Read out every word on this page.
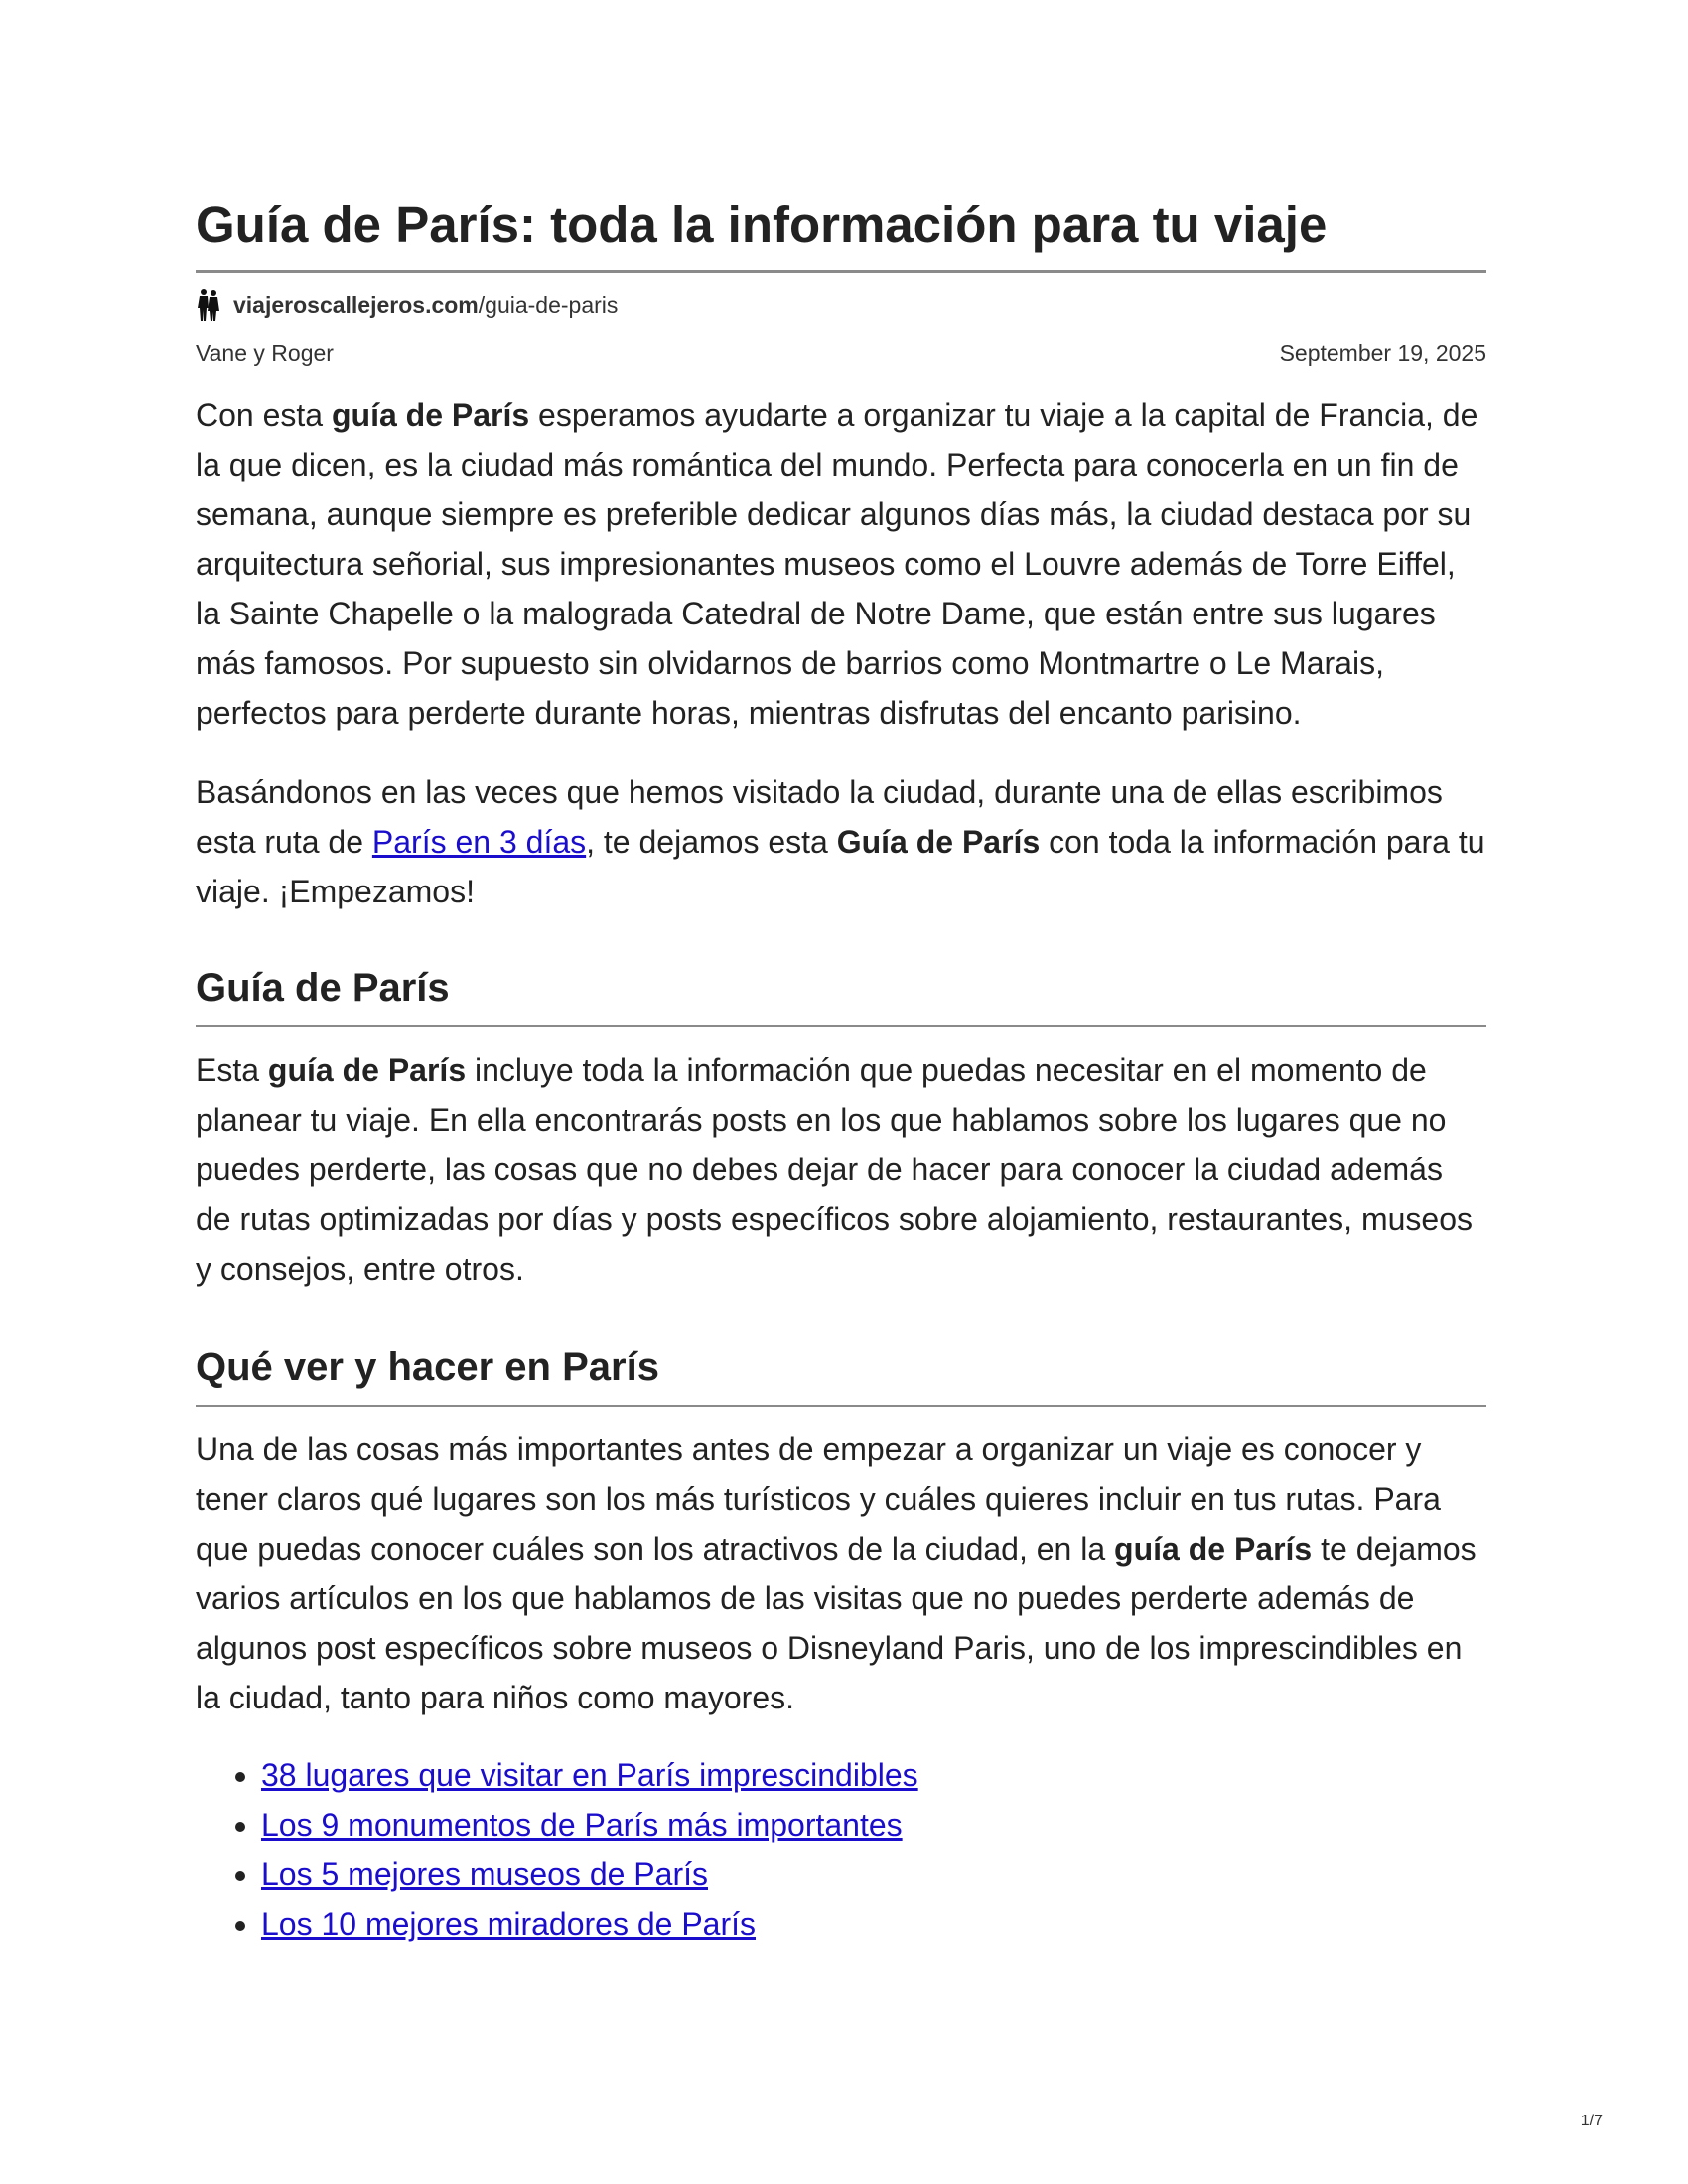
Guía de París: toda la información para tu viaje
viajeroscallejeros.com /guia-de-paris
Vane y Roger	September 19, 2025

Con esta guía de París esperamos ayudarte a organizar tu viaje a la capital de Francia, de la que dicen, es la ciudad más romántica del mundo. Perfecta para conocerla en un fin de semana, aunque siempre es preferible dedicar algunos días más, la ciudad destaca por su arquitectura señorial, sus impresionantes museos como el Louvre además de Torre Eiffel, la Sainte Chapelle o la malograda Catedral de Notre Dame, que están entre sus lugares más famosos. Por supuesto sin olvidarnos de barrios como Montmartre o Le Marais, perfectos para perderte durante horas, mientras disfrutas del encanto parisino.

Basándonos en las veces que hemos visitado la ciudad, durante una de ellas escribimos esta ruta de París en 3 días, te dejamos esta Guía de París con toda la información para tu viaje. ¡Empezamos!

Guía de París

Esta guía de París incluye toda la información que puedas necesitar en el momento de planear tu viaje. En ella encontrarás posts en los que hablamos sobre los lugares que no puedes perderte, las cosas que no debes dejar de hacer para conocer la ciudad además de rutas optimizadas por días y posts específicos sobre alojamiento, restaurantes, museos y consejos, entre otros.

Qué ver y hacer en París

Una de las cosas más importantes antes de empezar a organizar un viaje es conocer y tener claros qué lugares son los más turísticos y cuáles quieres incluir en tus rutas. Para que puedas conocer cuáles son los atractivos de la ciudad, en la guía de París te dejamos varios artículos en los que hablamos de las visitas que no puedes perderte además de algunos post específicos sobre museos o Disneyland Paris, uno de los imprescindibles en la ciudad, tanto para niños como mayores.

• 38 lugares que visitar en París imprescindibles
• Los 9 monumentos de París más importantes
• Los 5 mejores museos de París
• Los 10 mejores miradores de París
1/7
